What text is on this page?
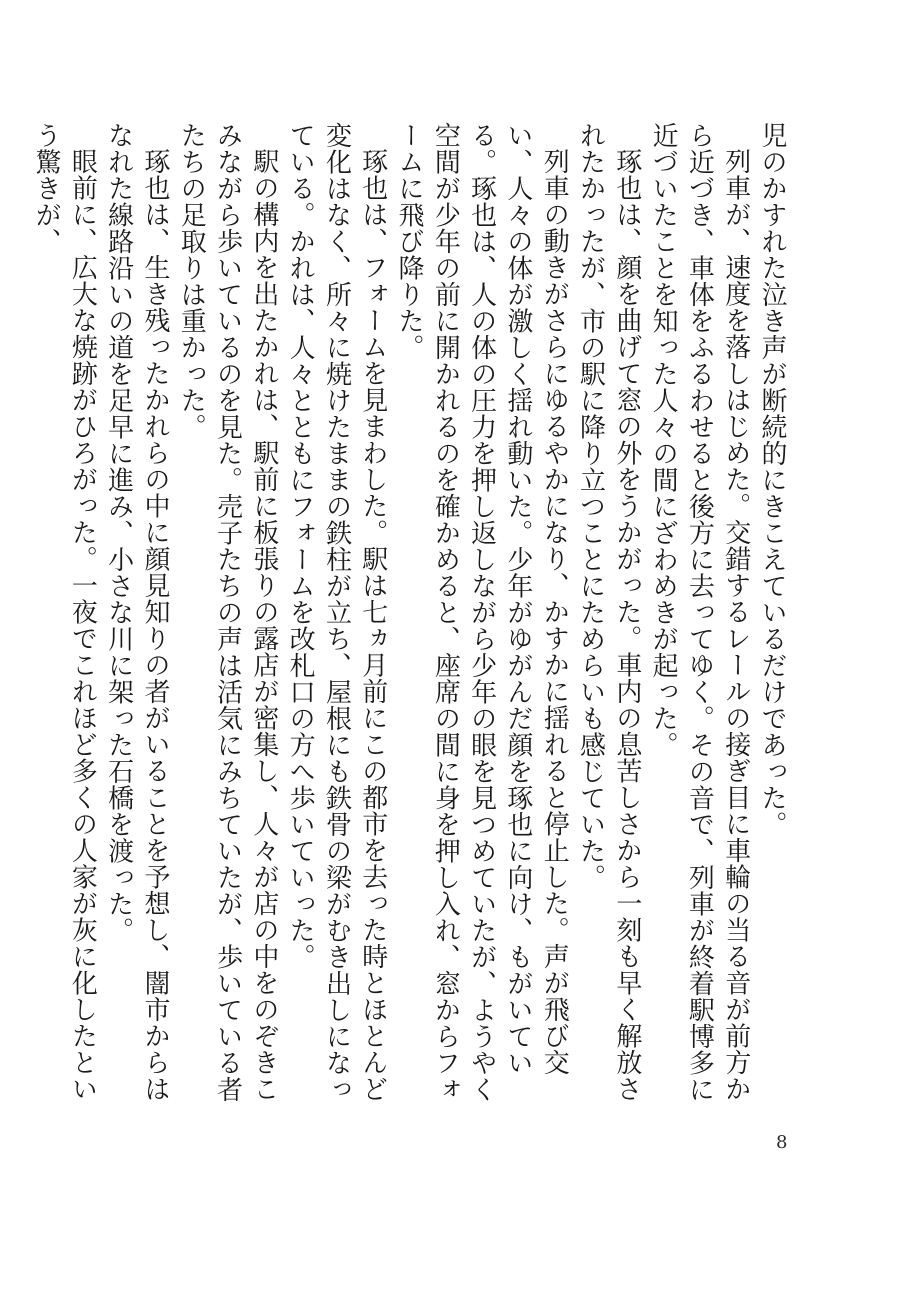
児のかすれた泣き声が断続的にきこえているだけであった。

列車が、速度を落しはじめた。交錯するレールの接ぎ目に車輪の当る音が前方から近づき、車体をふるわせると後方に去ってゆく。その音で、列車が終着駅博多に近づいたことを知った人々の間にざわめきが起った。

琢也は、顔を曲げて窓の外をうかがった。車内の息苦しさから一刻も早く解放されたかったが、市の駅に降り立つことにためらいも感じていた。

列車の動きがさらにゆるやかになり、かすかに揺れると停止した。声が飛び交い、人々の体が激しく揺れ動いた。少年がゆがんだ顔を琢也に向け、もがいている。琢也は、人の体の圧力を押し返しながら少年の眼を見つめていたが、ようやく空間が少年の前に開かれるのを確かめると、座席の間に身を押し入れ、窓からフォームに飛び降りた。

琢也は、フォームを見まわした。駅は七ヵ月前にこの都市を去った時とほとんど変化はなく、所々に焼けたままの鉄柱が立ち、屋根にも鉄骨の梁がむき出しになっている。かれは、人々とともにフォームを改札口の方へ歩いていった。

駅の構内を出たかれは、駅前に板張りの露店が密集し、人々が店の中をのぞきこみながら歩いているのを見た。売子たちの声は活気にみちていたが、歩いている者たちの足取りは重かった。

琢也は、生き残ったかれらの中に顔見知りの者がいることを予想し、闇市からはなれた線路沿いの道を足早に進み、小さな川に架った石橋を渡った。

眼前に、広大な焼跡がひろがった。一夜でこれほど多くの人家が灰に化したという驚きが、

8
